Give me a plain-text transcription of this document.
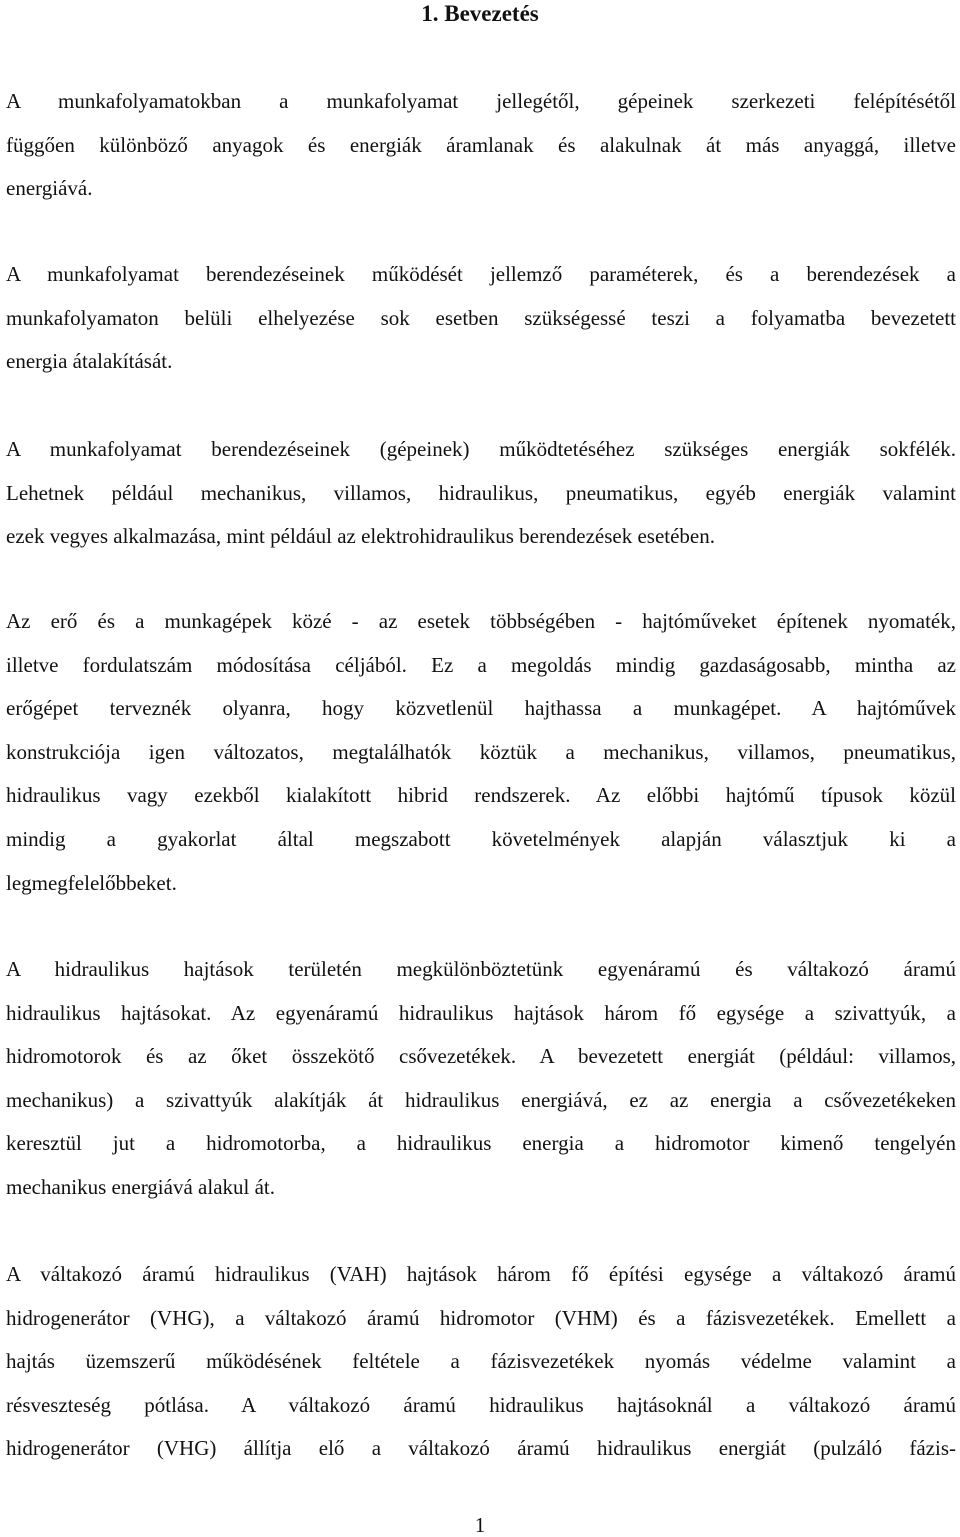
1. Bevezetés
A munkafolyamatokban a munkafolyamat jellegétől, gépeinek szerkezeti felépítésétől
függően különböző anyagok és energiák áramlanak és alakulnak át más anyaggá, illetve
energiává.
A munkafolyamat berendezéseinek működését jellemző paraméterek, és a berendezések a
munkafolyamaton belüli elhelyezése sok esetben szükségessé teszi a folyamatba bevezetett
energia átalakítását.
A munkafolyamat berendezéseinek (gépeinek) működtetéséhez szükséges energiák sokfélék.
Lehetnek például mechanikus, villamos, hidraulikus, pneumatikus, egyéb energiák valamint
ezek vegyes alkalmazása, mint például az elektrohidraulikus berendezések esetében.
Az erő és a munkagépek közé - az esetek többségében - hajtóműveket építenek nyomaték,
illetve fordulatszám módosítása céljából. Ez a megoldás mindig gazdaságosabb, mintha az
erőgépet terveznék olyanra, hogy közvetlenül hajthassa a munkagépet. A hajtóművek
konstrukciója igen változatos, megtalálhatók köztük a mechanikus, villamos, pneumatikus,
hidraulikus vagy ezekből kialakított hibrid rendszerek. Az előbbi hajtómű típusok közül
mindig a gyakorlat által megszabott követelmények alapján választjuk ki a
legmegfelelőbbeket.
A hidraulikus hajtások területén megkülönböztetünk egyenáramú és váltakozó áramú
hidraulikus hajtásokat. Az egyenáramú hidraulikus hajtások három fő egysége a szivattyúk, a
hidromotorok és az őket összekötő csővezetékek. A bevezetett energiát (például: villamos,
mechanikus) a szivattyúk alakítják át hidraulikus energiává, ez az energia a csővezetékeken
keresztül jut a hidromotorba, a hidraulikus energia a hidromotor kimenő tengelyén
mechanikus energiává alakul át.
A váltakozó áramú hidraulikus (VAH) hajtások három fő építési egysége a váltakozó áramú
hidrogenerátor (VHG), a váltakozó áramú hidromotor (VHM) és a fázisvezetékek. Emellett a
hajtás üzemszerű működésének feltétele a fázisvezetékek nyomás védelme valamint a
résveszteség pótlása. A váltakozó áramú hidraulikus hajtásoknál a váltakozó áramú
hidrogenerátor (VHG) állítja elő a váltakozó áramú hidraulikus energiát (pulzáló fázis-
1
